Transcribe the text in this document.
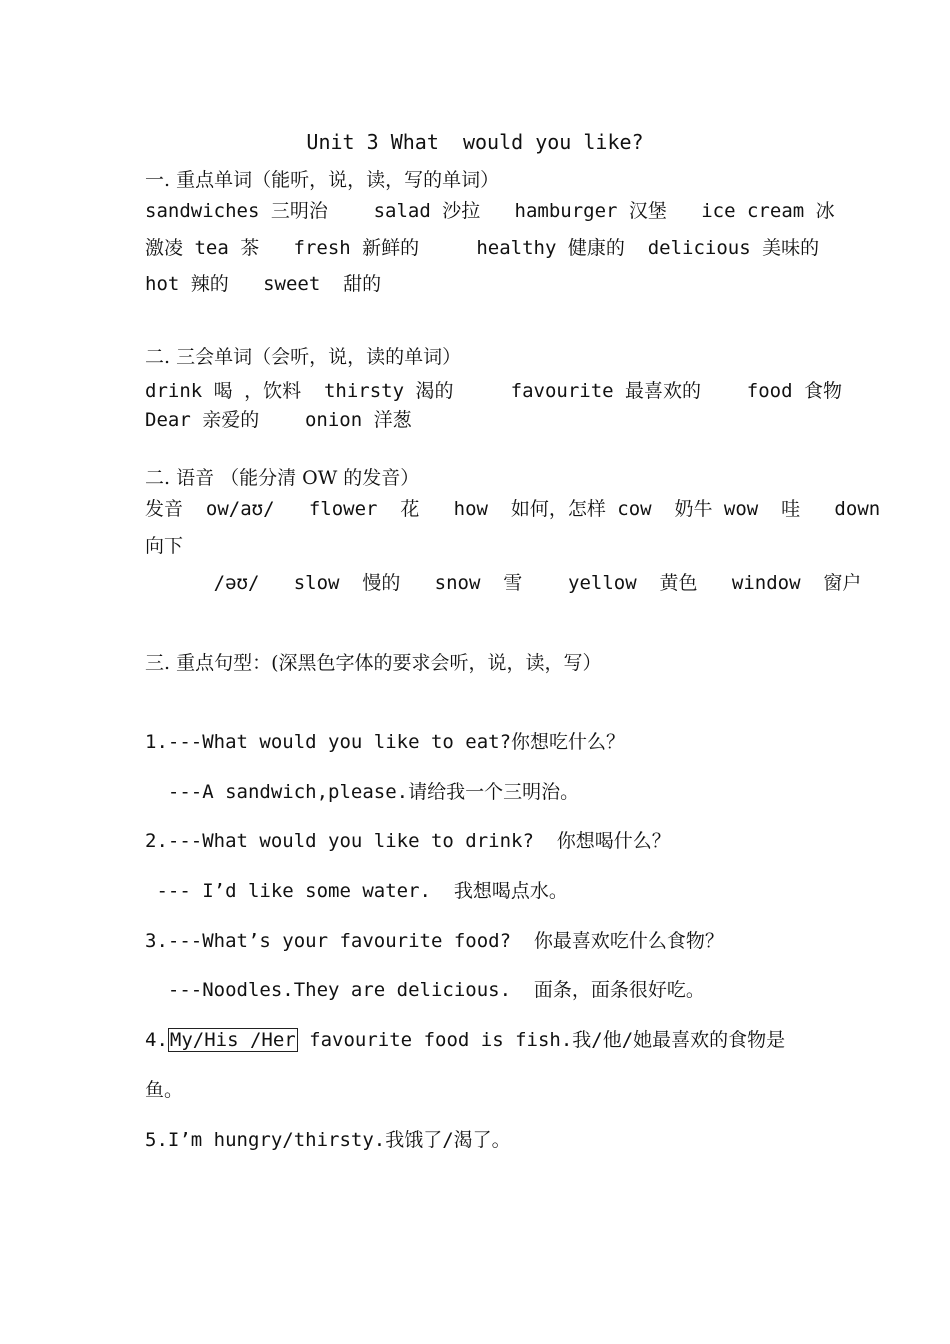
Unit 3 What  would you like?
一. 重点单词（能听，说，读，写的单词）
sandwiches 三明治    salad 沙拉   hamburger 汉堡   ice cream 冰
激凌 tea 茶   fresh 新鲜的     healthy 健康的  delicious 美味的
hot 辣的   sweet  甜的
二. 三会单词（会听，说，读的单词）
drink 喝 ，饮料  thirsty 渴的     favourite 最喜欢的    food 食物
Dear 亲爱的    onion 洋葱
二. 语音 （能分清 OW 的发音）
发音  ow/aʊ/   flower  花   how  如何，怎样 cow  奶牛 wow  哇   down
向下
/əʊ/   slow  慢的   snow  雪    yellow  黄色   window  窗户
三. 重点句型：(深黑色字体的要求会听，说，读，写）
1.---What would you like to eat?你想吃什么？
---A sandwich,please.请给我一个三明治。
2.---What would you like to drink?  你想喝什么？
--- I’d like some water.  我想喝点水。
3.---What’s your favourite food?  你最喜欢吃什么食物？
---Noodles.They are delicious.  面条，面条很好吃。
4. My/His /Her favourite food is fish.我/他/她最喜欢的食物是
鱼。
5.I’m hungry/thirsty.我饿了/渴了。
